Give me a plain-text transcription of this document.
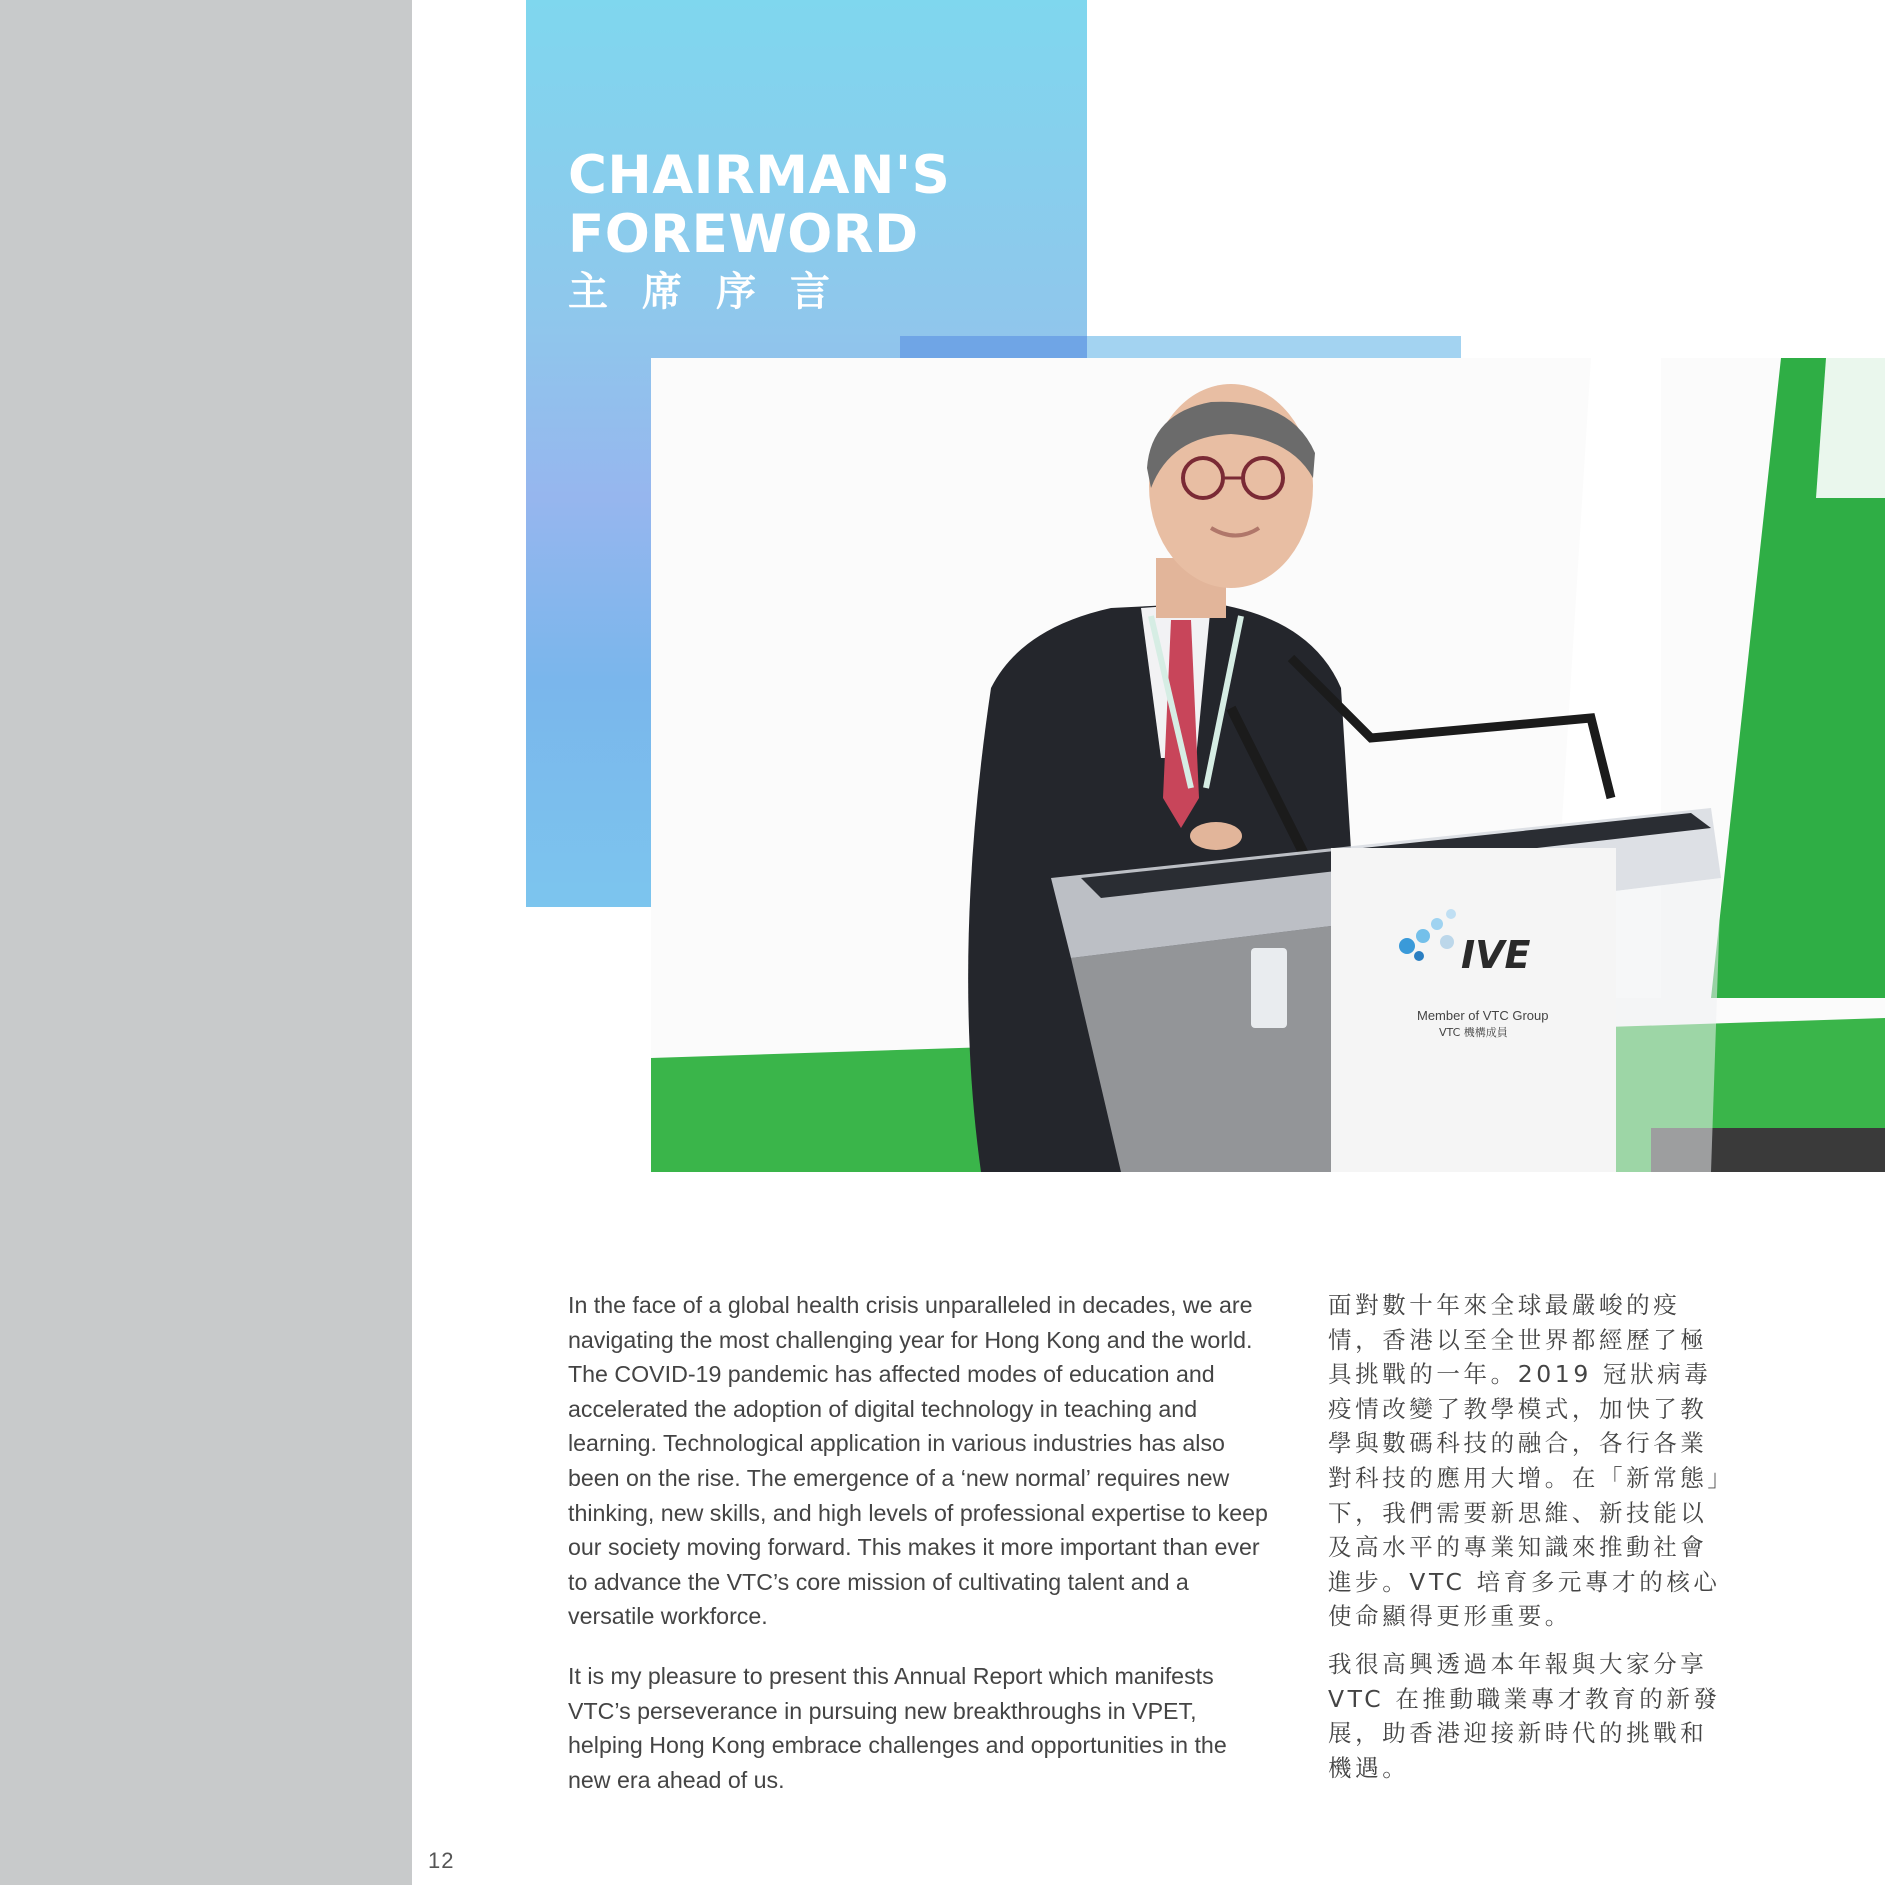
CHAIRMAN'S
FOREWORD
主席序言
IVE
Member of VTC Group
VTC 機構成員

In the face of a global health crisis unparalleled in decades, we are navigating the most challenging year for Hong Kong and the world. The COVID-19 pandemic has affected modes of education and accelerated the adoption of digital technology in teaching and learning. Technological application in various industries has also been on the rise. The emergence of a ‘new normal’ requires new thinking, new skills, and high levels of professional expertise to keep our society moving forward. This makes it more important than ever to advance the VTC’s core mission of cultivating talent and a versatile workforce.

It is my pleasure to present this Annual Report which manifests VTC’s perseverance in pursuing new breakthroughs in VPET, helping Hong Kong embrace challenges and opportunities in the new era ahead of us.

面對數十年來全球最嚴峻的疫情，香港以至全世界都經歷了極具挑戰的一年。2019 冠狀病毒疫情改變了教學模式，加快了教學與數碼科技的融合，各行各業對科技的應用大增。在「新常態」下，我們需要新思維、新技能以及高水平的專業知識來推動社會進步。VTC 培育多元專才的核心使命顯得更形重要。

我很高興透過本年報與大家分享 VTC 在推動職業專才教育的新發展，助香港迎接新時代的挑戰和機遇。

12
